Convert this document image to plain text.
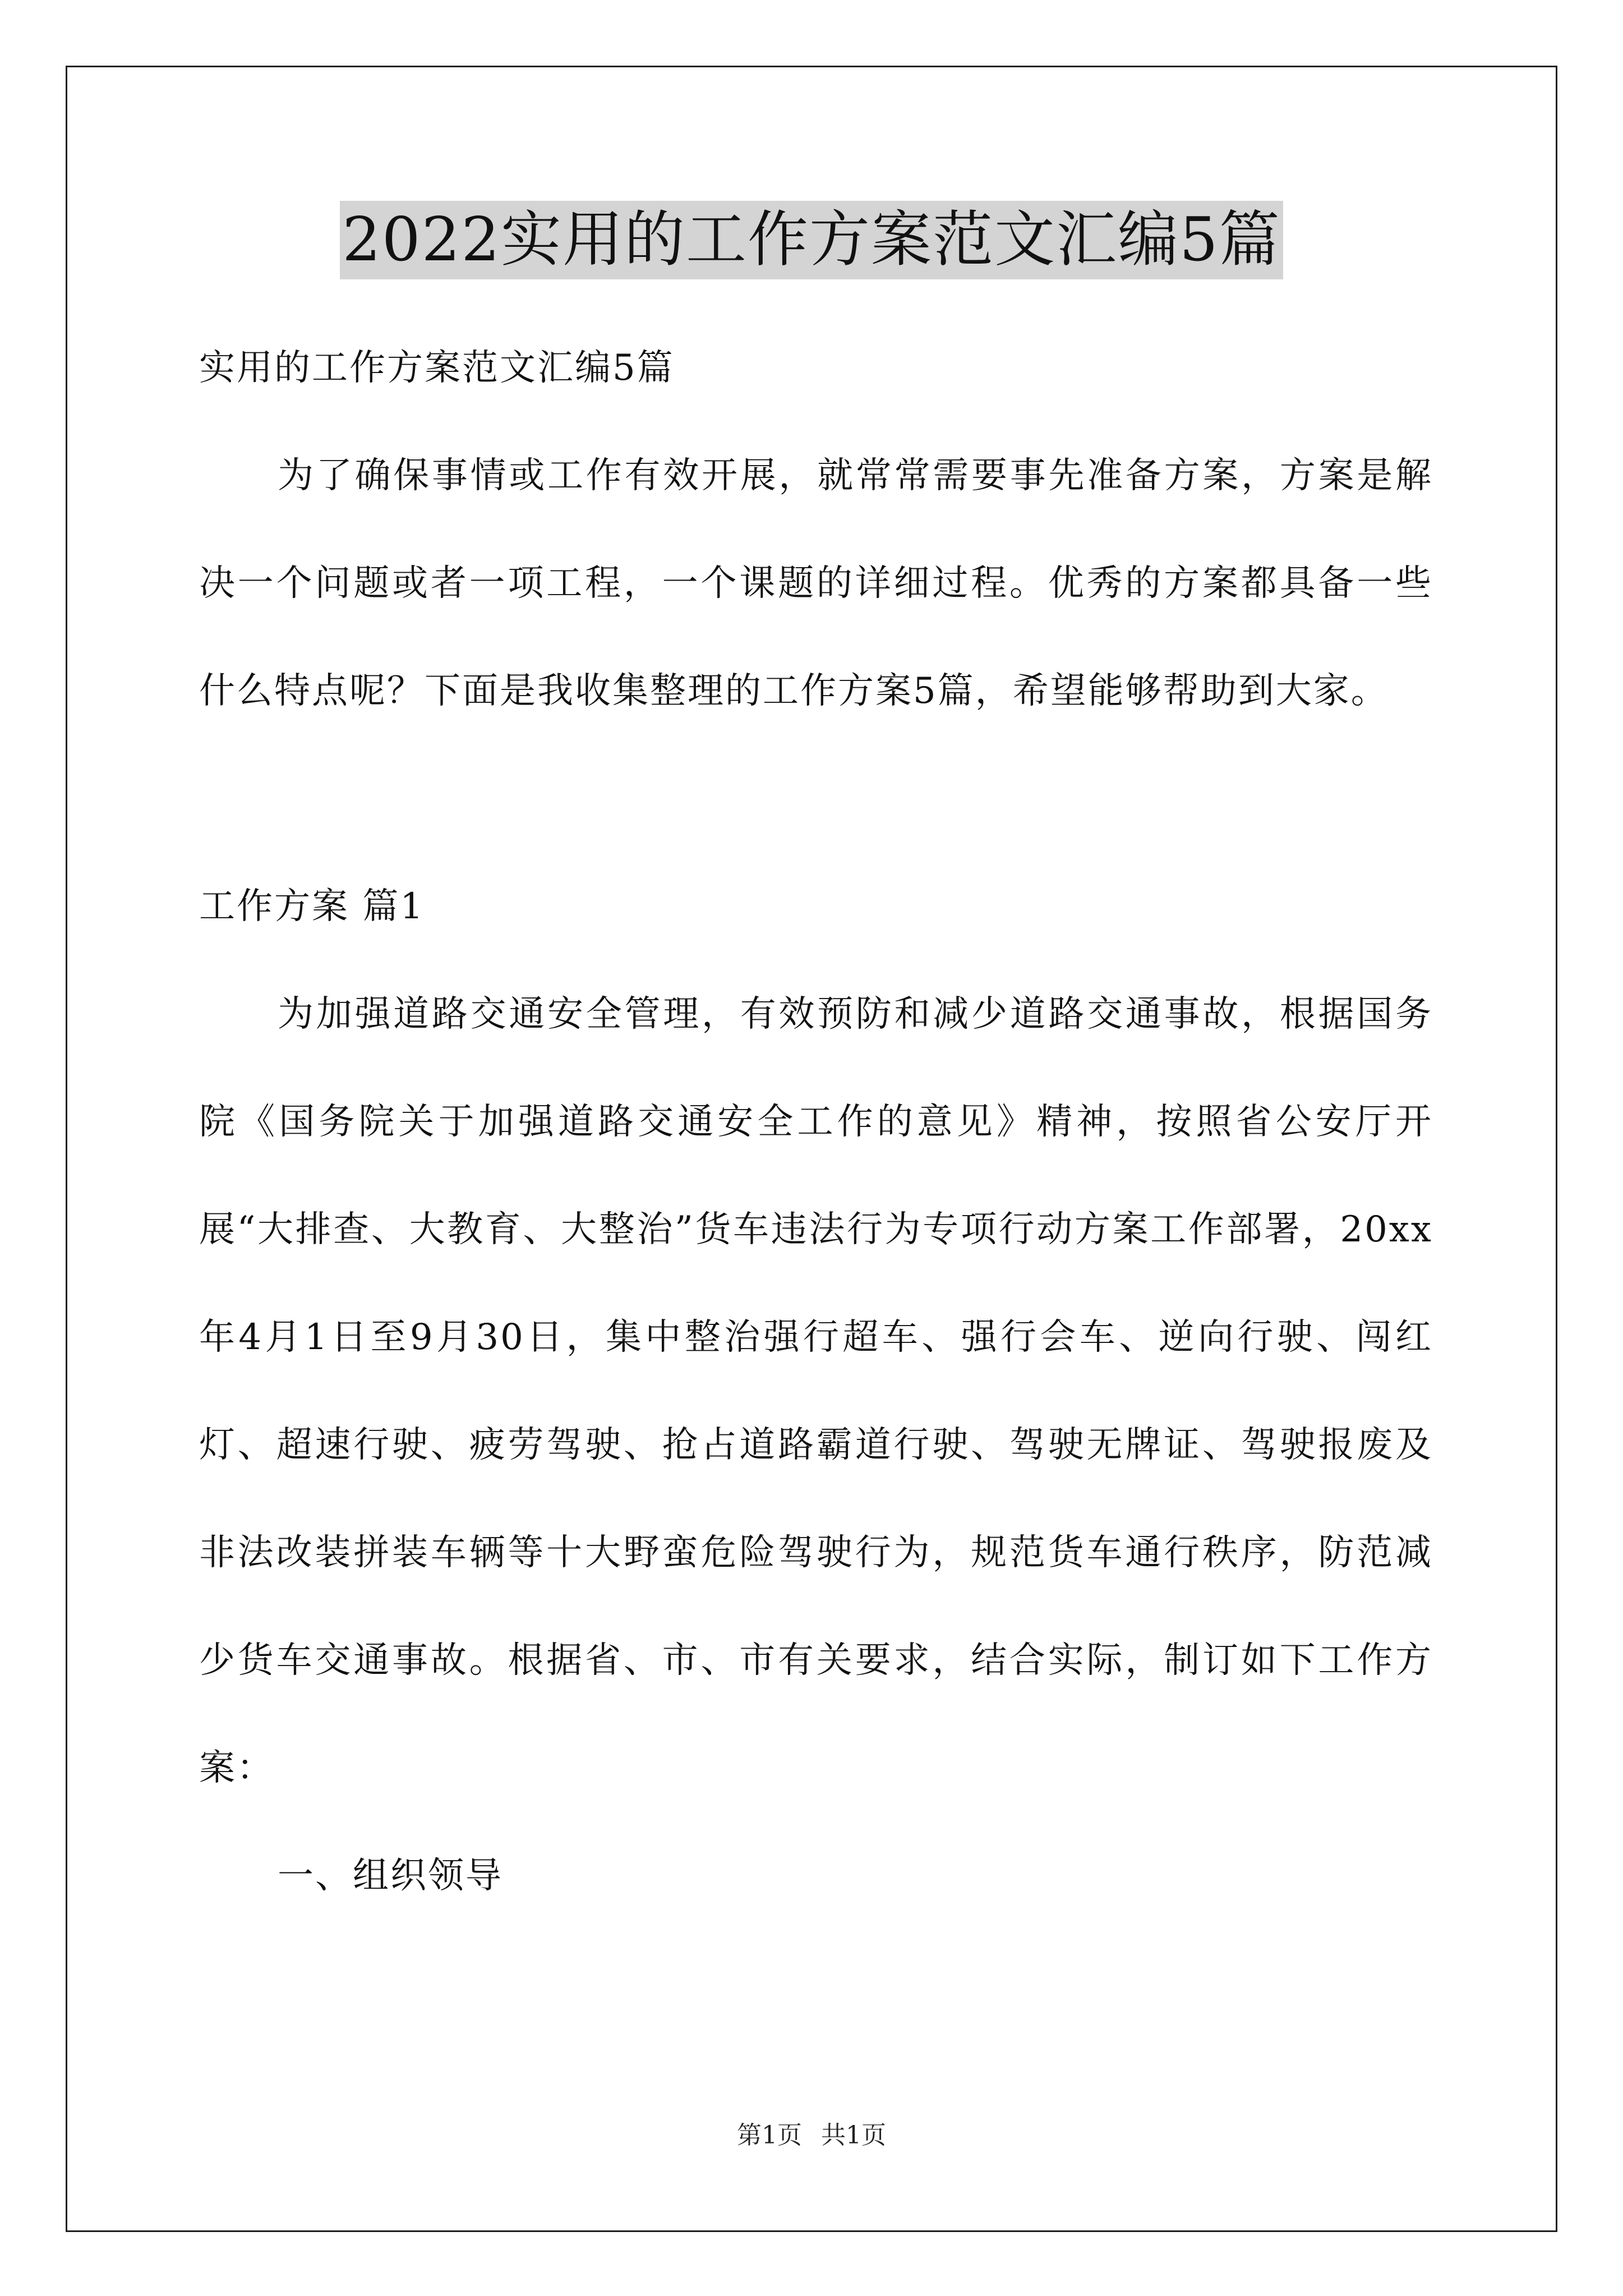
2022实用的工作方案范文汇编5篇

实用的工作方案范文汇编5篇

为了确保事情或工作有效开展，就常常需要事先准备方案，方案是解决一个问题或者一项工程，一个课题的详细过程。优秀的方案都具备一些什么特点呢？下面是我收集整理的工作方案5篇，希望能够帮助到大家。

工作方案 篇1

为加强道路交通安全管理，有效预防和减少道路交通事故，根据国务院《国务院关于加强道路交通安全工作的意见》精神，按照省公安厅开展“大排查、大教育、大整治”货车违法行为专项行动方案工作部署，20xx年4月1日至9月30日，集中整治强行超车、强行会车、逆向行驶、闯红灯、超速行驶、疲劳驾驶、抢占道路霸道行驶、驾驶无牌证、驾驶报废及非法改装拼装车辆等十大野蛮危险驾驶行为，规范货车通行秩序，防范减少货车交通事故。根据省、市、市有关要求，结合实际，制订如下工作方案：

一、组织领导

第1页 共1页
